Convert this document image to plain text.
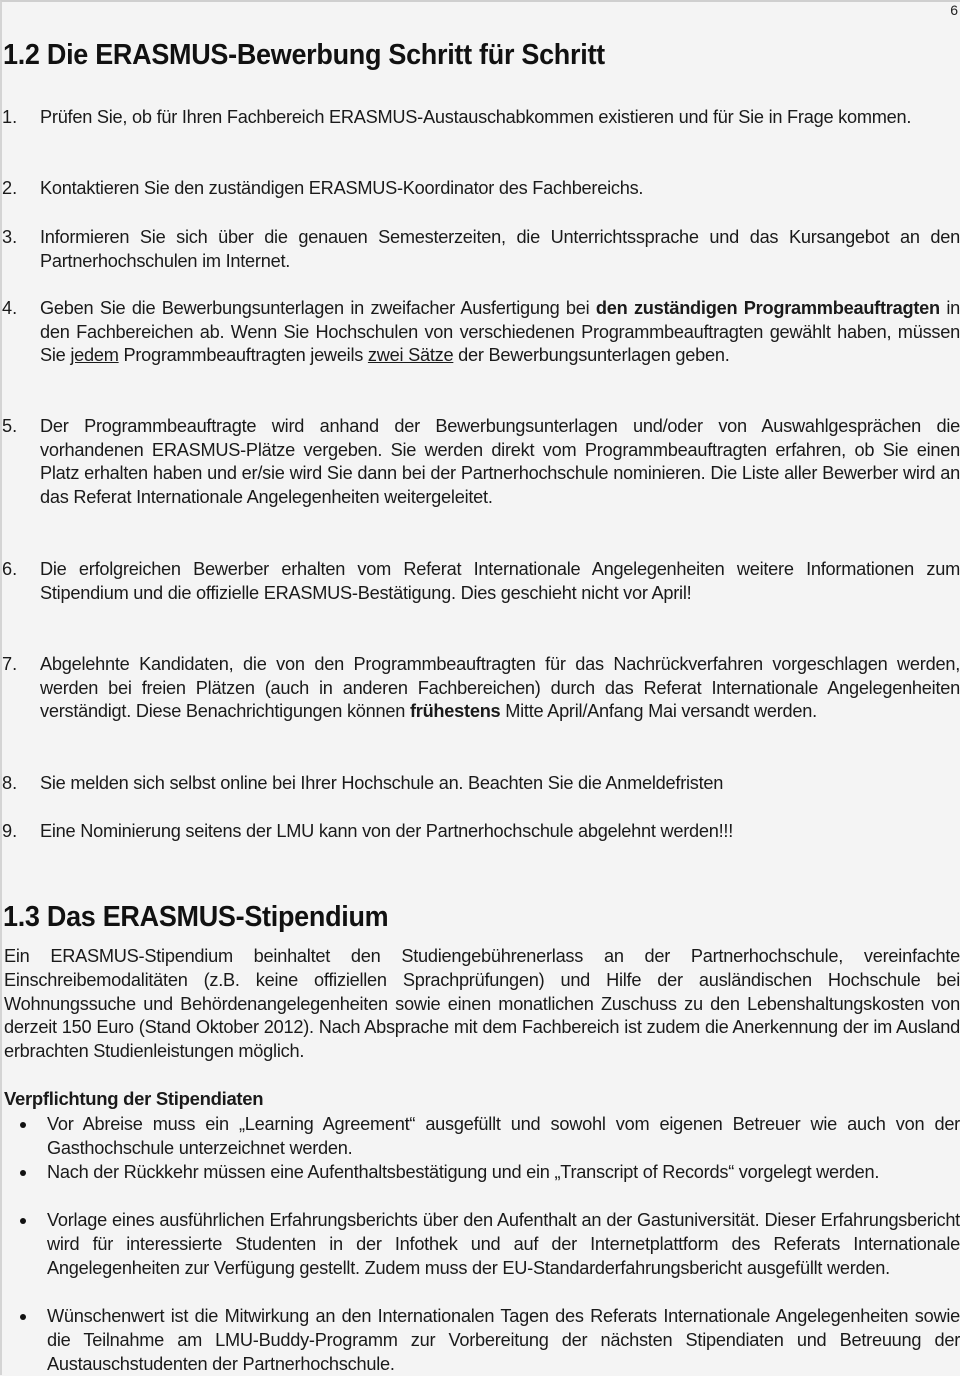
6
1.2 Die ERASMUS-Bewerbung Schritt für Schritt
1.	Prüfen Sie, ob für Ihren Fachbereich ERASMUS-Austauschabkommen existieren und für Sie in Frage kommen.
2.	Kontaktieren Sie den zuständigen ERASMUS-Koordinator des Fachbereichs.
3.	Informieren Sie sich über die genauen Semesterzeiten, die Unterrichtssprache und das Kursangebot an den Partnerhochschulen im Internet.
4.	Geben Sie die Bewerbungsunterlagen in zweifacher Ausfertigung bei den zuständigen Programmbeauftragten in den Fachbereichen ab. Wenn Sie Hochschulen von verschiedenen Programmbeauftragten gewählt haben, müssen Sie jedem Programmbeauftragten jeweils zwei Sätze der Bewerbungsunterlagen geben.
5.	Der Programmbeauftragte wird anhand der Bewerbungsunterlagen und/oder von Auswahlgesprächen die vorhandenen ERASMUS-Plätze vergeben. Sie werden direkt vom Programmbeauftragten erfahren, ob Sie einen Platz erhalten haben und er/sie wird Sie dann bei der Partnerhochschule nominieren. Die Liste aller Bewerber wird an das Referat Internationale Angelegenheiten weitergeleitet.
6.	Die erfolgreichen Bewerber erhalten vom Referat Internationale Angelegenheiten weitere Informationen zum Stipendium und die offizielle ERASMUS-Bestätigung. Dies geschieht nicht vor April!
7.	Abgelehnte Kandidaten, die von den Programmbeauftragten für das Nachrückverfahren vorgeschlagen werden, werden bei freien Plätzen (auch in anderen Fachbereichen) durch das Referat Internationale Angelegenheiten verständigt. Diese Benachrichtigungen können frühestens Mitte April/Anfang Mai versandt werden.
8.	Sie melden sich selbst online bei Ihrer Hochschule an. Beachten Sie die Anmeldefristen
9.	Eine Nominierung seitens der LMU kann von der Partnerhochschule abgelehnt werden!!!
1.3 Das ERASMUS-Stipendium
Ein ERASMUS-Stipendium beinhaltet den Studiengebührenerlass an der Partnerhochschule, vereinfachte Einschreibemodalitäten (z.B. keine offiziellen Sprachprüfungen) und Hilfe der ausländischen Hochschule bei Wohnungssuche und Behördenangelegenheiten sowie einen monatlichen Zuschuss zu den Lebenshaltungskosten von derzeit 150 Euro (Stand Oktober 2012). Nach Absprache mit dem Fachbereich ist zudem die Anerkennung der im Ausland erbrachten Studienleistungen möglich.
Verpflichtung der Stipendiaten
Vor Abreise muss ein „Learning Agreement“ ausgefüllt und sowohl vom eigenen Betreuer wie auch von der Gasthochschule unterzeichnet werden.
Nach der Rückkehr müssen eine Aufenthaltsbestätigung und ein „Transcript of Records“ vorgelegt werden.
Vorlage eines ausführlichen Erfahrungsberichts über den Aufenthalt an der Gastuniversität. Dieser Erfahrungsbericht wird für interessierte Studenten in der Infothek und auf der Internetplattform des Referats Internationale Angelegenheiten zur Verfügung gestellt. Zudem muss der EU-Standarderfahrungsbericht ausgefüllt werden.
Wünschenwert ist die Mitwirkung an den Internationalen Tagen des Referats Internationale Angelegenheiten sowie die Teilnahme am LMU-Buddy-Programm zur Vorbereitung der nächsten Stipendiaten und Betreuung der Austauschstudenten der Partnerhochschule.
